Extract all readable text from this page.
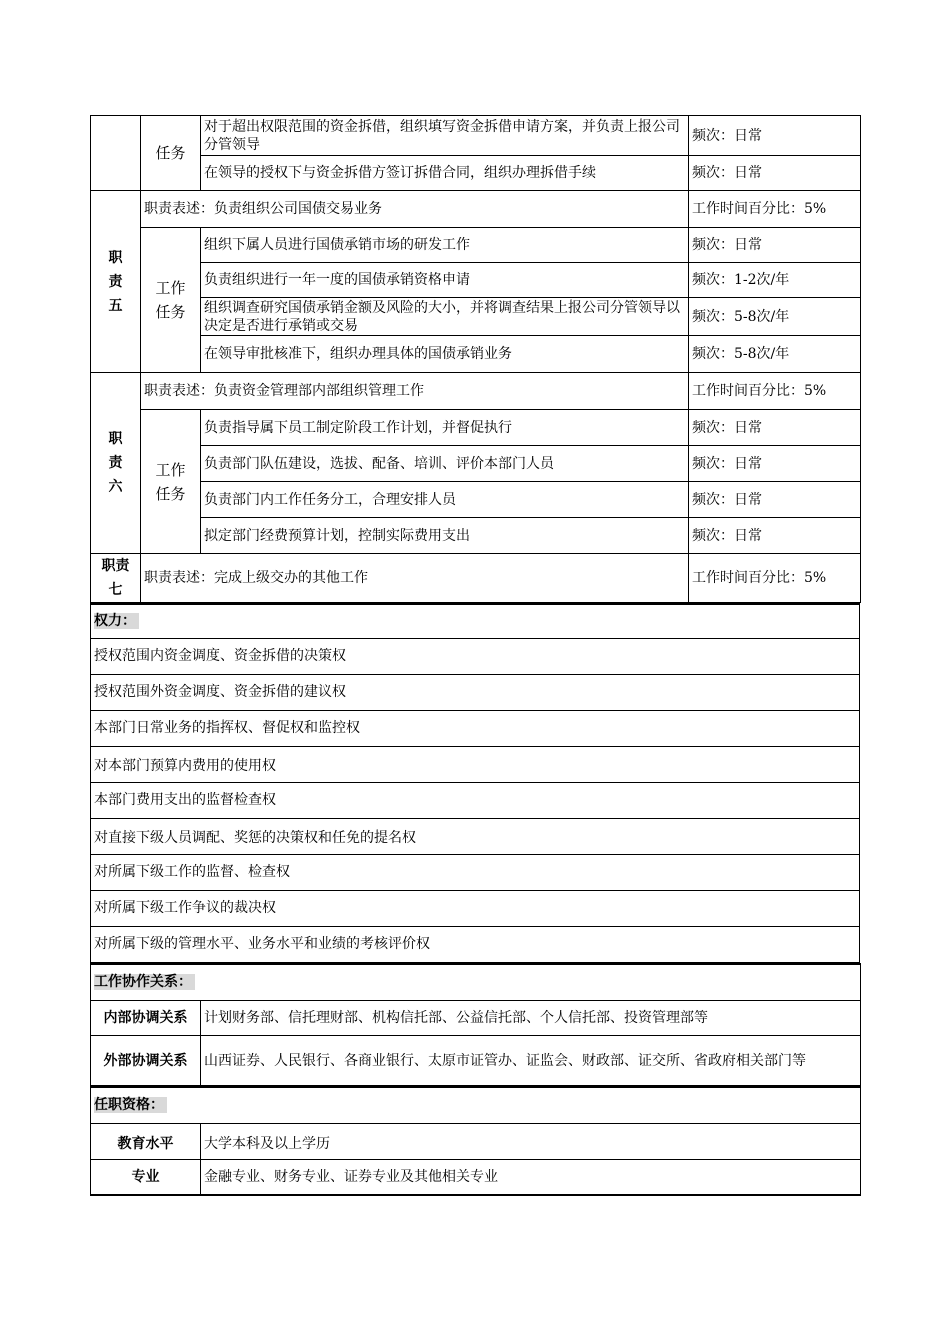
	任务	对于超出权限范围的资金拆借，组织填写资金拆借申请方案，并负责上报公司分管领导	频次：日常
		在领导的授权下与资金拆借方签订拆借合同，组织办理拆借手续	频次：日常
职责五	职责表述：负责组织公司国债交易业务		工作时间百分比：5%
	工作任务	组织下属人员进行国债承销市场的研发工作	频次：日常
		负责组织进行一年一度的国债承销资格申请	频次：1-2次/年
		组织调查研究国债承销金额及风险的大小，并将调查结果上报公司分管领导以决定是否进行承销或交易	频次：5-8次/年
		在领导审批核准下，组织办理具体的国债承销业务	频次：5-8次/年
职责六	职责表述：负责资金管理部内部组织管理工作		工作时间百分比：5%
	工作任务	负责指导属下员工制定阶段工作计划，并督促执行	频次：日常
		负责部门队伍建设，选拔、配备、培训、评价本部门人员	频次：日常
		负责部门内工作任务分工，合理安排人员	频次：日常
		拟定部门经费预算计划，控制实际费用支出	频次：日常
职责七	职责表述：完成上级交办的其他工作		工作时间百分比：5%
权力：
授权范围内资金调度、资金拆借的决策权
授权范围外资金调度、资金拆借的建议权
本部门日常业务的指挥权、督促权和监控权
对本部门预算内费用的使用权
本部门费用支出的监督检查权
对直接下级人员调配、奖惩的决策权和任免的提名权
对所属下级工作的监督、检查权
对所属下级工作争议的裁决权
对所属下级的管理水平、业务水平和业绩的考核评价权
工作协作关系：	
内部协调关系	计划财务部、信托理财部、机构信托部、公益信托部、个人信托部、投资管理部等
外部协调关系	山西证券、人民银行、各商业银行、太原市证管办、证监会、财政部、证交所、省政府相关部门等
任职资格：	
教育水平	大学本科及以上学历
专业	金融专业、财务专业、证券专业及其他相关专业
